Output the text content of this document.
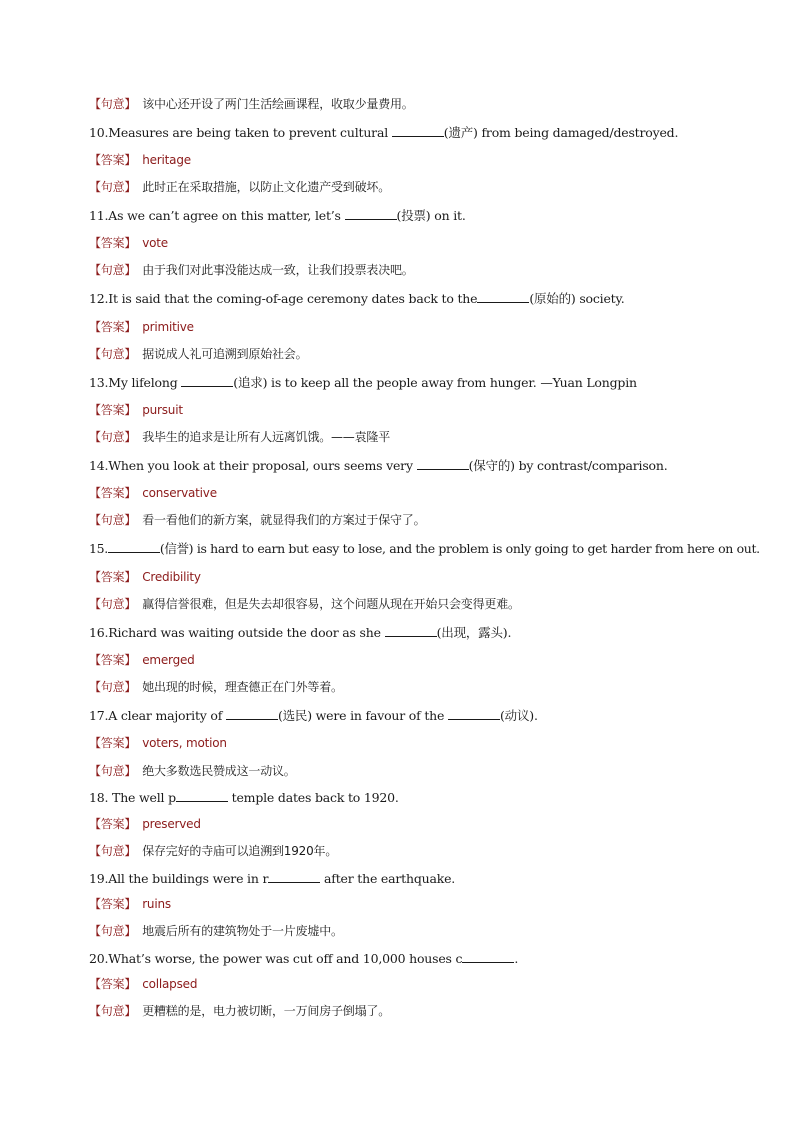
【句意】 该中心还开设了两门生活绘画课程，收取少量费用。
10.Measures are being taken to prevent cultural	(遗产) from being damaged/destroyed.
【答案】 heritage
【句意】 此时正在采取措施，以防止文化遗产受到破坏。
11.As we can’t agree on this matter, let’s	(投票) on it.
【答案】 vote
【句意】 由于我们对此事没能达成一致，让我们投票表决吧。
12.It is said that the coming-of-age ceremony dates back to the	(原始的) society.
【答案】 primitive
【句意】 据说成人礼可追溯到原始社会。
13.My lifelong	(追求) is to keep all the people away from hunger. —Yuan Longpin
【答案】 pursuit
【句意】 我毕生的追求是让所有人远离饥饿。——袁隆平
14.When you look at their proposal, ours seems very	(保守的) by contrast/comparison.
【答案】 conservative
【句意】 看一看他们的新方案，就显得我们的方案过于保守了。
15.	(信誉) is hard to earn but easy to lose, and the problem is only going to get harder from here on out.
【答案】 Credibility
【句意】 赢得信誉很难，但是失去却很容易，这个问题从现在开始只会变得更难。
16.Richard was waiting outside the door as she	(出现，露头).
【答案】 emerged
【句意】 她出现的时候，理查德正在门外等着。
17.A clear majority of	(选民) were in favour of the	(动议).
【答案】 voters, motion
【句意】 绝大多数选民赞成这一动议。
18. The well p	temple dates back to 1920.
【答案】 preserved
【句意】 保存完好的寺庙可以追溯到1920年。
19.All the buildings were in r	after the earthquake.
【答案】 ruins
【句意】 地震后所有的建筑物处于一片废墟中。
20.What’s worse, the power was cut off and 10,000 houses c	.
【答案】 collapsed
【句意】 更糟糕的是，电力被切断，一万间房子倒塌了。
